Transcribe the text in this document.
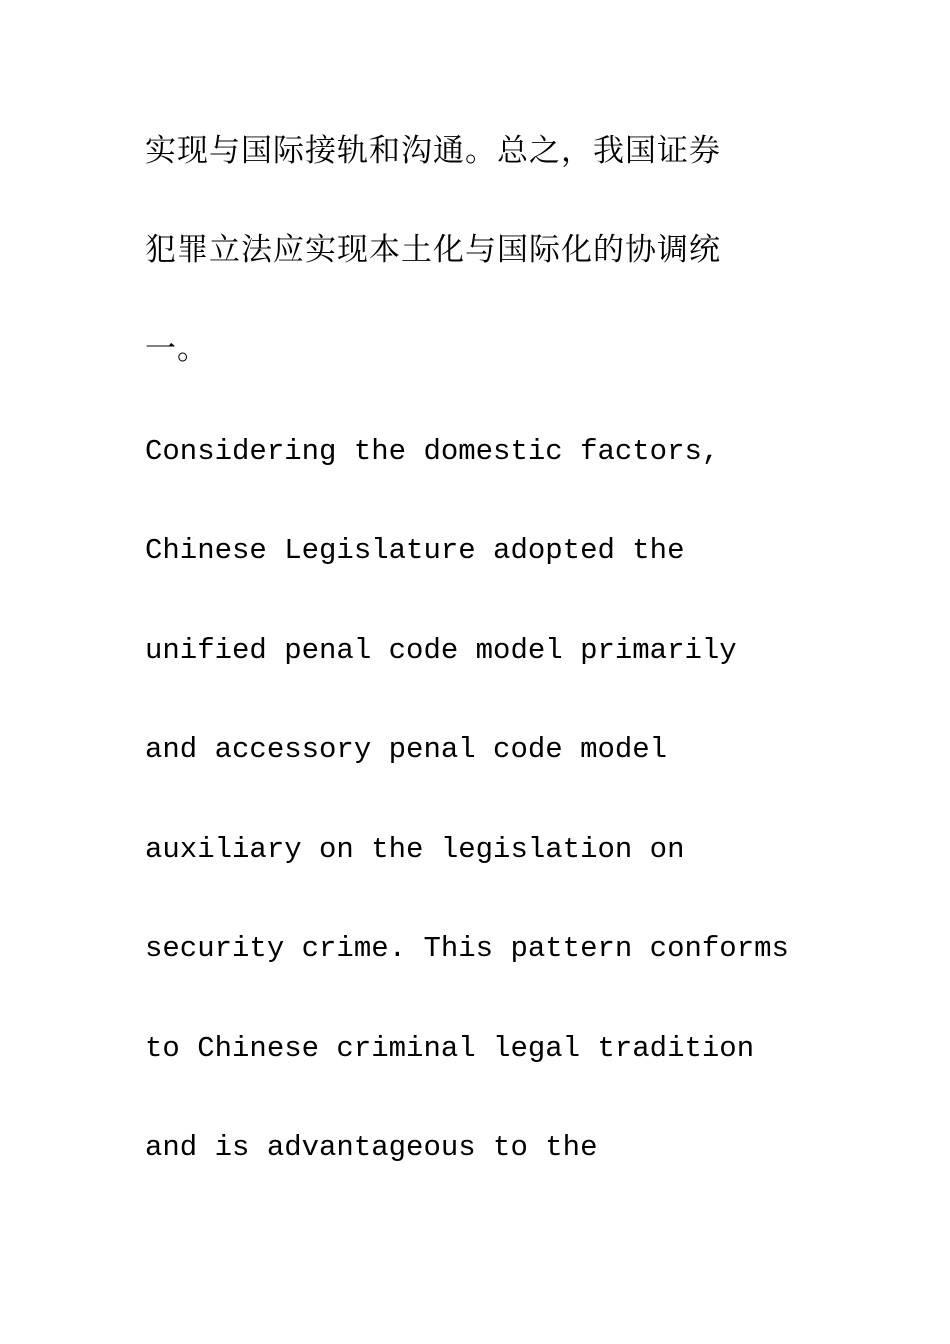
实现与国际接轨和沟通。总之，我国证券
犯罪立法应实现本土化与国际化的协调统
一。
Considering the domestic factors,
Chinese Legislature adopted the
unified penal code model primarily
and accessory penal code model
auxiliary on the legislation on
security crime. This pattern conforms
to Chinese criminal legal tradition
and is advantageous to the
